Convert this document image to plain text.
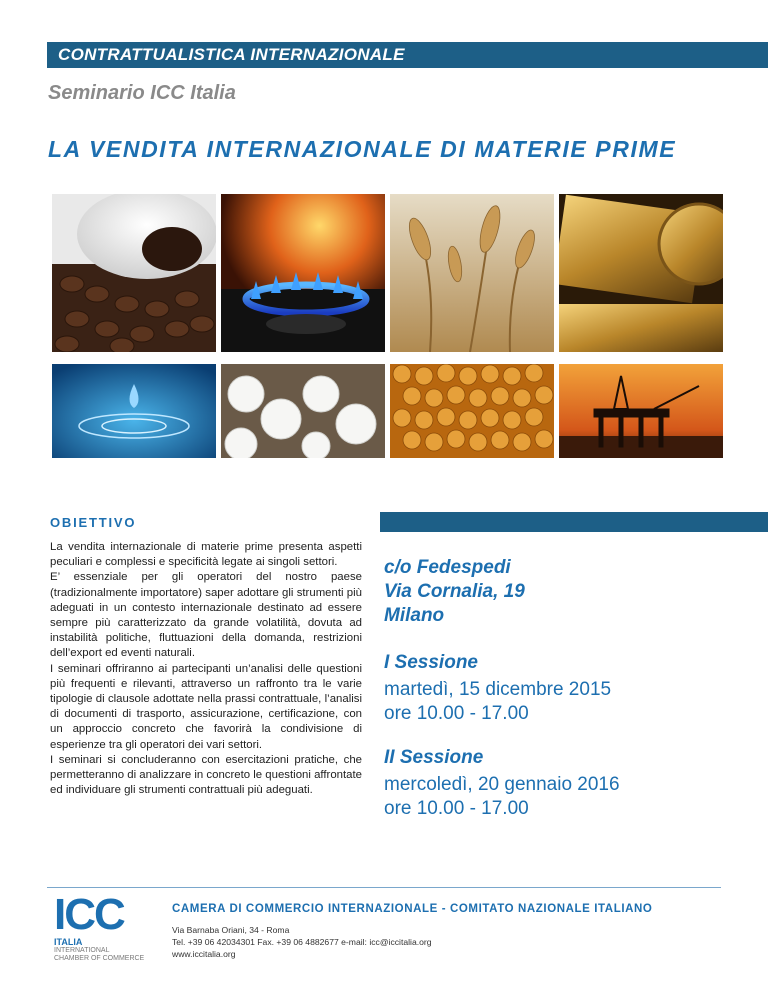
CONTRATTUALISTICA INTERNAZIONALE
Seminario ICC Italia
LA VENDITA INTERNAZIONALE DI MATERIE PRIME
OBIETTIVO

La vendita internazionale di materie prime presenta aspetti peculiari e complessi e specificità legate ai singoli settori.

E’ essenziale per gli operatori del nostro paese (tradizionalmente importatore) saper adottare gli strumenti più adeguati in un contesto internazionale destinato ad essere sempre più caratterizzato da grande volatilità, dovuta ad instabilità politiche, fluttuazioni della domanda, restrizioni dell’export ed eventi naturali.

I seminari offriranno ai partecipanti un’analisi delle questioni più frequenti e rilevanti, attraverso un raffronto tra le varie tipologie di clausole adottate nella prassi contrattuale, l’analisi di documenti di trasporto, assicurazione, certificazione, con un approccio concreto che favorirà la condivisione di esperienze tra gli operatori dei vari settori.

I seminari si concluderanno con esercitazioni pratiche, che permetteranno di analizzare in concreto le questioni affrontate ed individuare gli strumenti contrattuali più adeguati.

c/o Fedespedi
Via Cornalia, 19
Milano
I Sessione
martedì, 15 dicembre 2015
ore 10.00 - 17.00
II Sessione
mercoledì, 20 gennaio 2016
ore 10.00 - 17.00
ICC
ITALIA
INTERNATIONAL
CHAMBER OF COMMERCE
CAMERA DI COMMERCIO INTERNAZIONALE - COMITATO NAZIONALE ITALIANO
Via Barnaba Oriani, 34 - Roma
Tel. +39 06 42034301 Fax. +39 06 4882677 e-mail: icc@iccitalia.org
www.iccitalia.org
